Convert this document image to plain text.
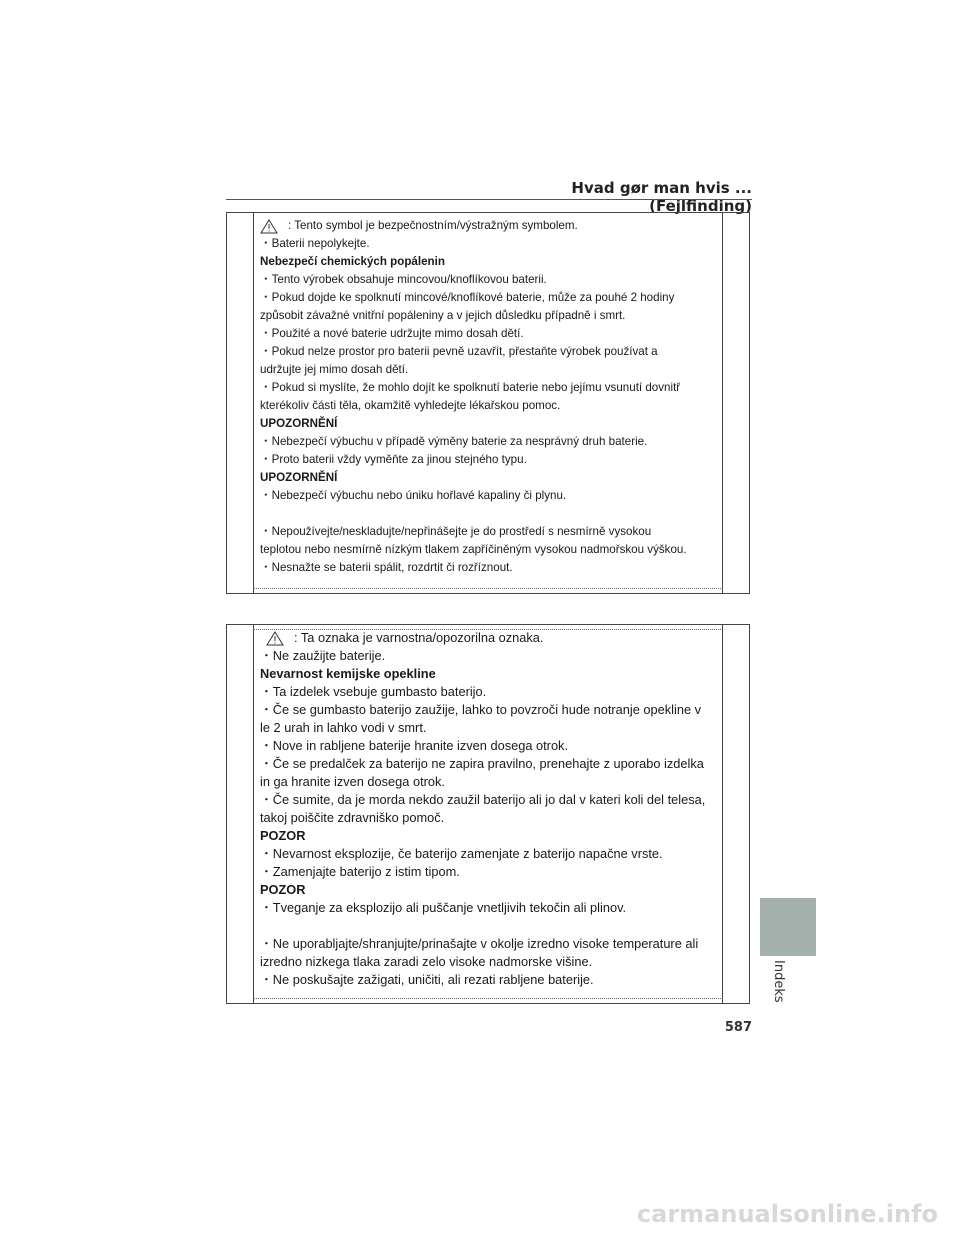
Hvad gør man hvis ... (Fejlfinding)
: Tento symbol je bezpečnostním/výstražným symbolem.
・Baterii nepolykejte.
Nebezpečí chemických popálenin
・Tento výrobek obsahuje mincovou/knoflíkovou baterii.
・Pokud dojde ke spolknutí mincové/knoflíkové baterie, může za pouhé 2 hodiny
způsobit závažné vnitřní popáleniny a v jejich důsledku případně i smrt.
・Použité a nové baterie udržujte mimo dosah dětí.
・Pokud nelze prostor pro baterii pevně uzavřít, přestaňte výrobek používat a
udržujte jej mimo dosah dětí.
・Pokud si myslíte, že mohlo dojít ke spolknutí baterie nebo jejímu vsunutí dovnitř
kterékoliv části těla, okamžitě vyhledejte lékařskou pomoc.
UPOZORNĚNÍ
・Nebezpečí výbuchu v případě výměny baterie za nesprávný druh baterie.
・Proto baterii vždy vyměňte za jinou stejného typu.
UPOZORNĚNÍ
・Nebezpečí výbuchu nebo úniku hořlavé kapaliny či plynu.
・Nepoužívejte/neskladujte/nepřinášejte je do prostředí s nesmírně vysokou
teplotou nebo nesmírně nízkým tlakem zapříčiněným vysokou nadmořskou výškou.
・Nesnažte se baterii spálit, rozdrtit či rozříznout.
: Ta oznaka je varnostna/opozorilna oznaka.
・Ne zaužijte baterije.
Nevarnost kemijske opekline
・Ta izdelek vsebuje gumbasto baterijo.
・Če se gumbasto baterijo zaužije, lahko to povzroči hude notranje opekline v
le 2 urah in lahko vodi v smrt.
・Nove in rabljene baterije hranite izven dosega otrok.
・Če se predalček za baterijo ne zapira pravilno, prenehajte z uporabo izdelka
in ga hranite izven dosega otrok.
・Če sumite, da je morda nekdo zaužil baterijo ali jo dal v kateri koli del telesa,
takoj poiščite zdravniško pomoč.
POZOR
・Nevarnost eksplozije, če baterijo zamenjate z baterijo napačne vrste.
・Zamenjajte baterijo z istim tipom.
POZOR
・Tveganje za eksplozijo ali puščanje vnetljivih tekočin ali plinov.
・Ne uporabljajte/shranjujte/prinašajte v okolje izredno visoke temperature ali
izredno nizkega tlaka zaradi zelo visoke nadmorske višine.
・Ne poskušajte zažigati, uničiti, ali rezati rabljene baterije.	Indeks
587
carmanualsonline.info
